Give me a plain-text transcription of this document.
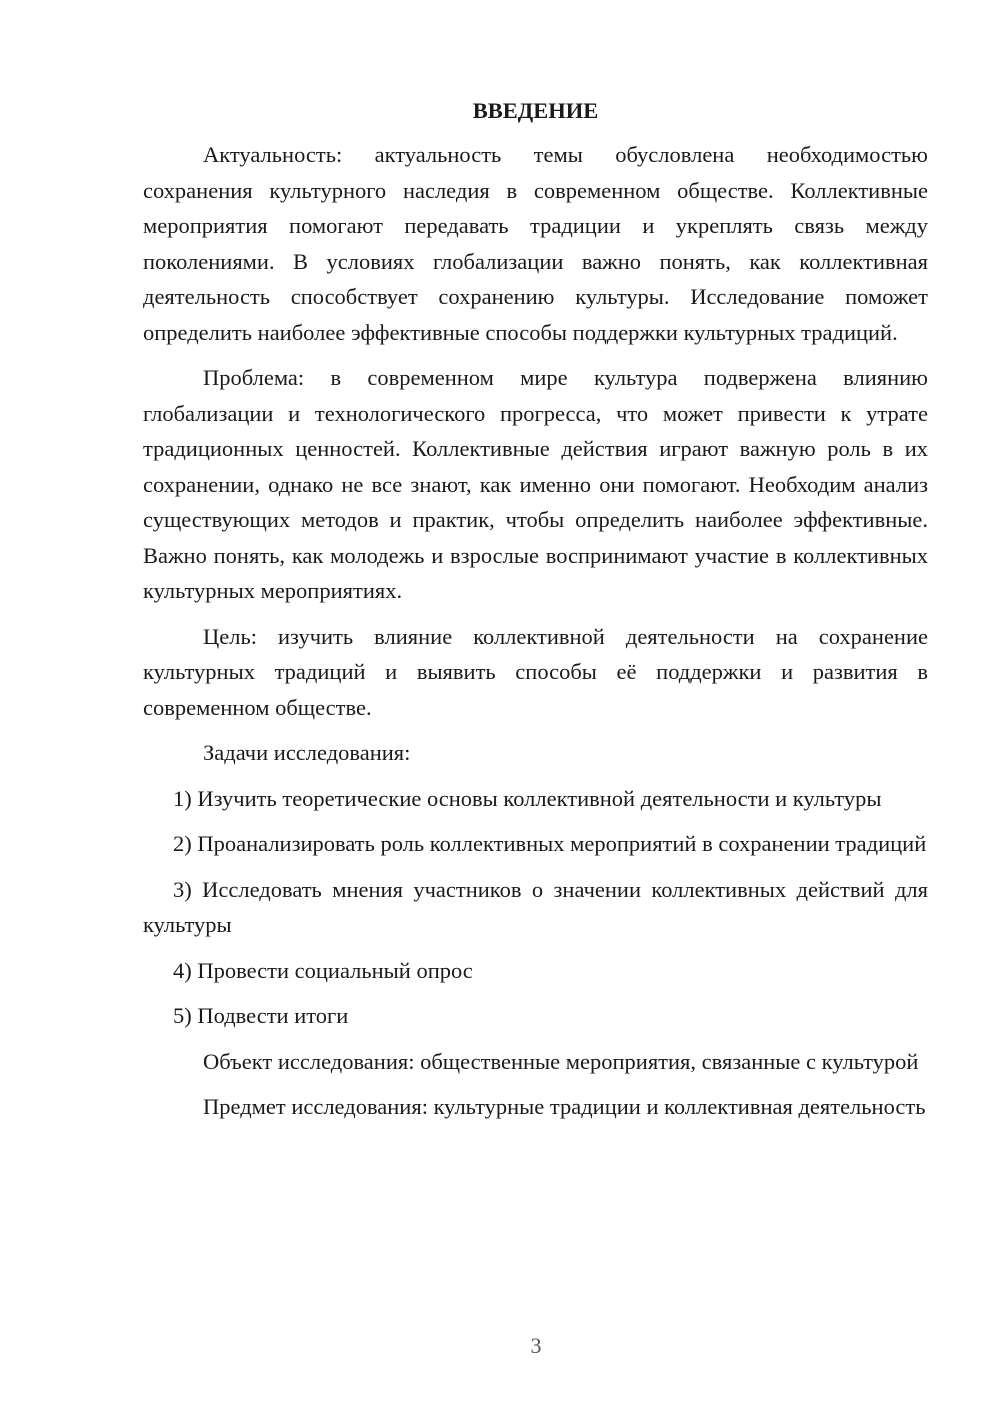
ВВЕДЕНИЕ

Актуальность: актуальность темы обусловлена необходимостью сохранения культурного наследия в современном обществе. Коллективные мероприятия помогают передавать традиции и укреплять связь между поколениями. В условиях глобализации важно понять, как коллективная деятельность способствует сохранению культуры. Исследование поможет определить наиболее эффективные способы поддержки культурных традиций.

Проблема: в современном мире культура подвержена влиянию глобализации и технологического прогресса, что может привести к утрате традиционных ценностей. Коллективные действия играют важную роль в их сохранении, однако не все знают, как именно они помогают. Необходим анализ существующих методов и практик, чтобы определить наиболее эффективные. Важно понять, как молодежь и взрослые воспринимают участие в коллективных культурных мероприятиях.

Цель: изучить влияние коллективной деятельности на сохранение культурных традиций и выявить способы её поддержки и развития в современном обществе.

Задачи исследования:

1) Изучить теоретические основы коллективной деятельности и культуры

2) Проанализировать роль коллективных мероприятий в сохранении традиций

3) Исследовать мнения участников о значении коллективных действий для культуры

4) Провести социальный опрос

5) Подвести итоги

Объект исследования: общественные мероприятия, связанные с культурой

Предмет исследования: культурные традиции и коллективная деятельность

3
